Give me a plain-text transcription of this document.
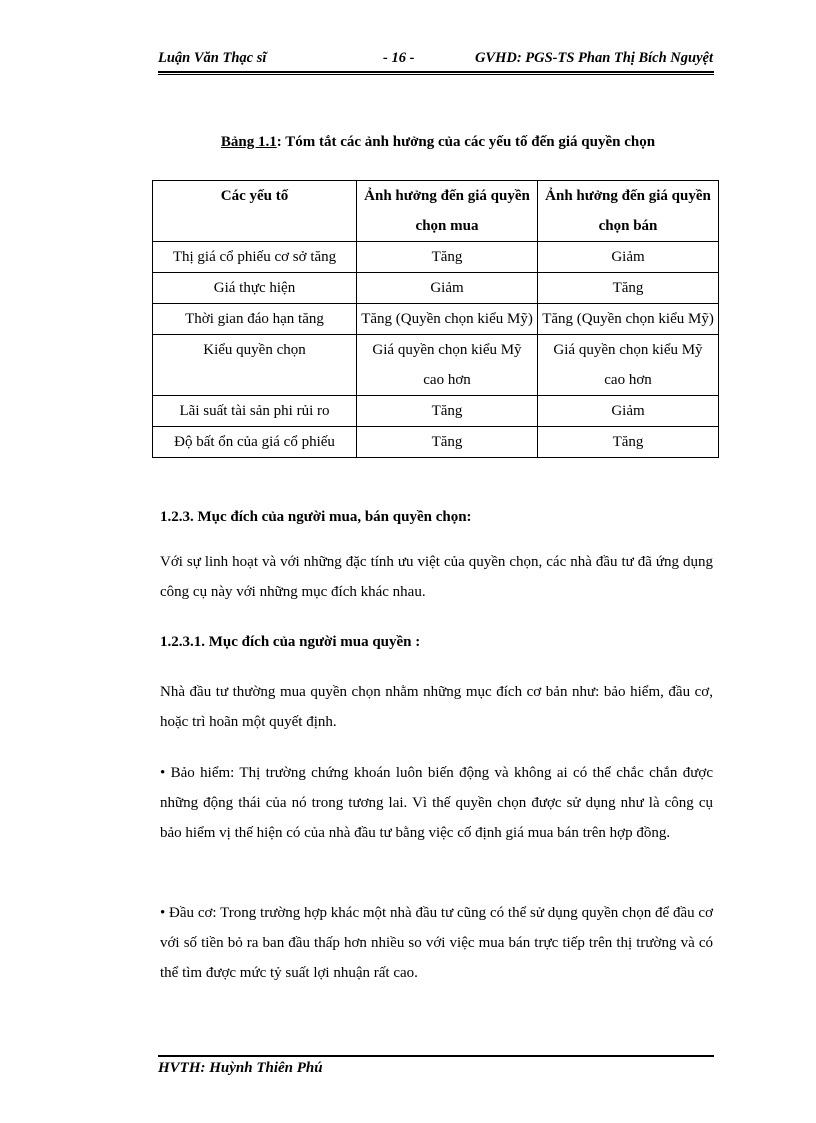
Luận Văn Thạc sĩ	- 16 -	GVHD: PGS-TS Phan Thị Bích Nguyệt
Bảng 1.1: Tóm tắt các ảnh hưởng của các yếu tố đến giá quyền chọn
Các yếu tố	Ảnh hưởng đến giá quyền chọn mua	Ảnh hưởng đến giá quyền chọn bán
Thị giá cổ phiếu cơ sở tăng	Tăng	Giảm
Giá thực hiện	Giảm	Tăng
Thời gian đáo hạn tăng	Tăng (Quyền chọn kiểu Mỹ)	Tăng (Quyền chọn kiểu Mỹ)
Kiểu quyền chọn	Giá quyền chọn kiểu Mỹ cao hơn	Giá quyền chọn kiểu Mỹ cao hơn
Lãi suất tài sản phi rủi ro	Tăng	Giảm
Độ bất ổn của giá cổ phiếu	Tăng	Tăng
1.2.3. Mục đích của người mua, bán quyền chọn:

Với sự linh hoạt và với những đặc tính ưu việt của quyền chọn, các nhà đầu tư đã ứng dụng công cụ này với những mục đích khác nhau.

1.2.3.1. Mục đích của người mua quyền :

Nhà đầu tư thường mua quyền chọn nhằm những mục đích cơ bản như: bảo hiểm, đầu cơ, hoặc trì hoãn một quyết định.

• Bảo hiểm: Thị trường chứng khoán luôn biến động và không ai có thể chắc chắn được những động thái của nó trong tương lai. Vì thế quyền chọn được sử dụng như là công cụ bảo hiểm vị thế hiện có của nhà đầu tư bằng việc cố định giá mua bán trên hợp đồng.

• Đầu cơ: Trong trường hợp khác một nhà đầu tư cũng có thể sử dụng quyền chọn để đầu cơ với số tiền bỏ ra ban đầu thấp hơn nhiều so với việc mua bán trực tiếp trên thị trường và có thể tìm được mức tỷ suất lợi nhuận rất cao.

HVTH: Huỳnh Thiên Phú
